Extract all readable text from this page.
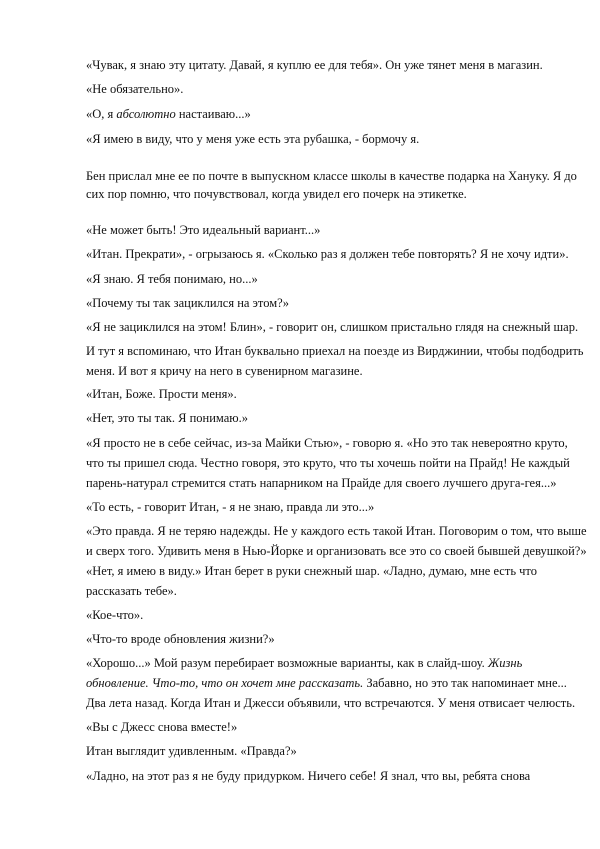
«Чувак, я знаю эту цитату. Давай, я куплю ее для тебя». Он уже тянет меня в магазин.
«Не обязательно».
«О, я абсолютно настаиваю...»
«Я имею в виду, что у меня уже есть эта рубашка, - бормочу я.
Бен прислал мне ее по почте в выпускном классе школы в качестве подарка на Хануку. Я до
сих пор помню, что почувствовал, когда увидел его почерк на этикетке.
«Не может быть! Это идеальный вариант...»
«Итан. Прекрати», - огрызаюсь я. «Сколько раз я должен тебе повторять? Я не хочу идти».
«Я знаю. Я тебя понимаю, но...»
«Почему ты так зациклился на этом?»
«Я не зациклился на этом! Блин», - говорит он, слишком пристально глядя на снежный шар.
И тут я вспоминаю, что Итан буквально приехал на поезде из Вирджинии, чтобы подбодрить
меня. И вот я кричу на него в сувенирном магазине.
«Итан, Боже. Прости меня».
«Нет, это ты так. Я понимаю.»
«Я просто не в себе сейчас, из-за Майки Стью», - говорю я. «Но это так невероятно круто,
что ты пришел сюда. Честно говоря, это круто, что ты хочешь пойти на Прайд! Не каждый
парень-натурал стремится стать напарником на Прайде для своего лучшего друга-гея...»
«То есть, - говорит Итан, - я не знаю, правда ли это...»
«Это правда. Я не теряю надежды. Не у каждого есть такой Итан. Поговорим о том, что выше
и сверх того. Удивить меня в Нью-Йорке и организовать все это со своей бывшей девушкой?»
«Нет, я имею в виду.» Итан берет в руки снежный шар. «Ладно, думаю, мне есть что
рассказать тебе».
«Кое-что».
«Что-то вроде обновления жизни?»
«Хорошо...» Мой разум перебирает возможные варианты, как в слайд-шоу. Жизнь
обновление. Что-то, что он хочет мне рассказать. Забавно, но это так напоминает мне...
Два лета назад. Когда Итан и Джесси объявили, что встречаются. У меня отвисает челюсть.
«Вы с Джесс снова вместе!»
Итан выглядит удивленным. «Правда?»
«Ладно, на этот раз я не буду придурком. Ничего себе! Я знал, что вы, ребята снова
